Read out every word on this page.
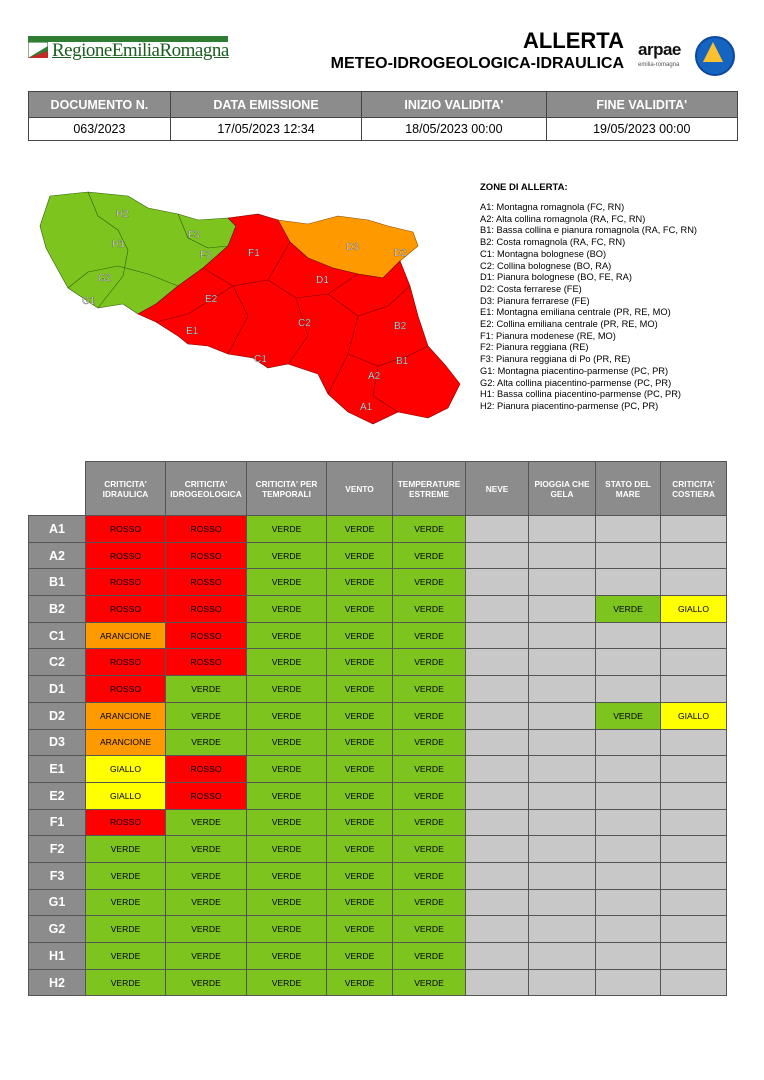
RegioneEmiliaRomagna	ALLERTA
METEO-IDROGEOLOGICA-IDRAULICA
arpae
emilia-romagna
DOCUMENTO N.	DATA EMISSIONE	INIZIO VALIDITA'	FINE VALIDITA'
063/2023	17/05/2023 12:34	18/05/2023 00:00	19/05/2023 00:00
H2
F3
H1
F2
G2
G1
F1
D3
D2
D1
E2
B2
E1
C2
B1
C1
A2
A1
ZONE DI ALLERTA:
A1: Montagna romagnola (FC, RN)
A2: Alta collina romagnola (RA, FC, RN)
B1: Bassa collina e pianura romagnola (RA, FC, RN)
B2: Costa romagnola (RA, FC, RN)
C1: Montagna bolognese (BO)
C2: Collina bolognese (BO, RA)
D1: Pianura bolognese (BO, FE, RA)
D2: Costa ferrarese (FE)
D3: Pianura ferrarese (FE)
E1: Montagna emiliana centrale (PR, RE, MO)
E2: Collina emiliana centrale (PR, RE, MO)
F1: Pianura modenese (RE, MO)
F2: Pianura reggiana (RE)
F3: Pianura reggiana di Po (PR, RE)
G1: Montagna piacentino-parmense (PC, PR)
G2: Alta collina piacentino-parmense (PC, PR)
H1: Bassa collina piacentino-parmense (PC, PR)
H2: Pianura piacentino-parmense (PC, PR)
	CRITICITA' IDRAULICA	CRITICITA' IDROGEOLOGICA	CRITICITA' PER TEMPORALI	VENTO	TEMPERATURE ESTREME	NEVE	PIOGGIA CHE GELA	STATO DEL MARE	CRITICITA' COSTIERA
A1	ROSSO	ROSSO	VERDE	VERDE	VERDE				
A2	ROSSO	ROSSO	VERDE	VERDE	VERDE				
B1	ROSSO	ROSSO	VERDE	VERDE	VERDE				
B2	ROSSO	ROSSO	VERDE	VERDE	VERDE			VERDE	GIALLO
C1	ARANCIONE	ROSSO	VERDE	VERDE	VERDE				
C2	ROSSO	ROSSO	VERDE	VERDE	VERDE				
D1	ROSSO	VERDE	VERDE	VERDE	VERDE				
D2	ARANCIONE	VERDE	VERDE	VERDE	VERDE			VERDE	GIALLO
D3	ARANCIONE	VERDE	VERDE	VERDE	VERDE				
E1	GIALLO	ROSSO	VERDE	VERDE	VERDE				
E2	GIALLO	ROSSO	VERDE	VERDE	VERDE				
F1	ROSSO	VERDE	VERDE	VERDE	VERDE				
F2	VERDE	VERDE	VERDE	VERDE	VERDE				
F3	VERDE	VERDE	VERDE	VERDE	VERDE				
G1	VERDE	VERDE	VERDE	VERDE	VERDE				
G2	VERDE	VERDE	VERDE	VERDE	VERDE				
H1	VERDE	VERDE	VERDE	VERDE	VERDE				
H2	VERDE	VERDE	VERDE	VERDE	VERDE				
